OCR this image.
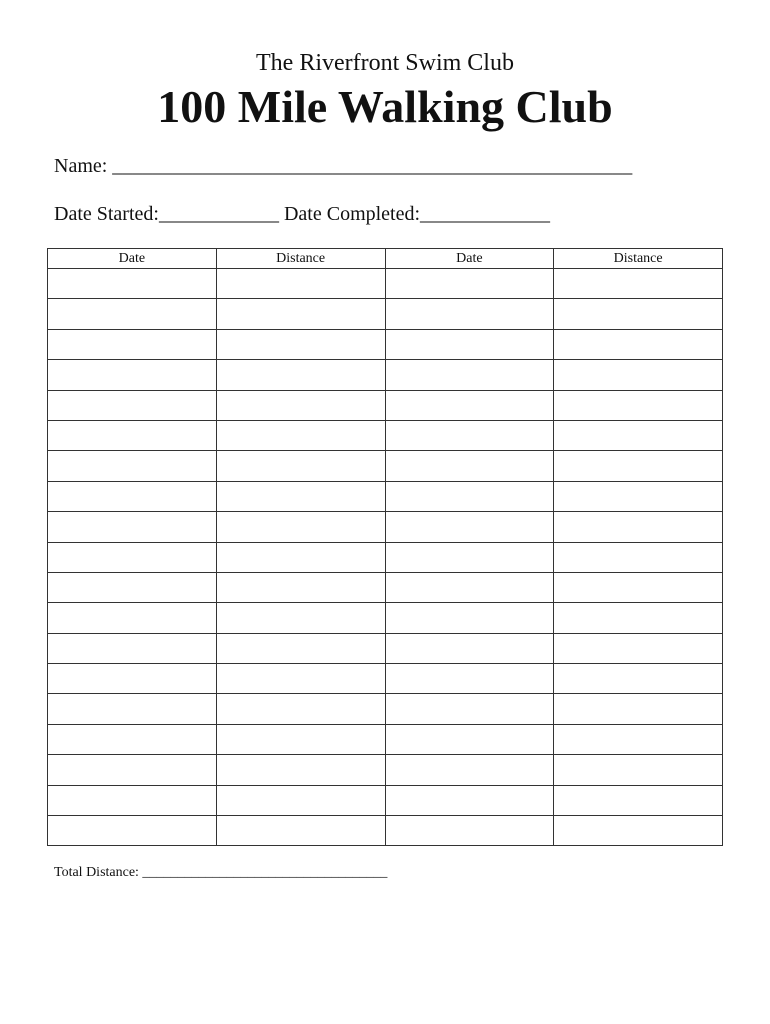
The Riverfront Swim Club
100 Mile Walking Club
Name: ____________________________________________________
Date Started:____________ Date Completed:_____________
Date	Distance	Date	Distance

Total Distance: ___________________________________
